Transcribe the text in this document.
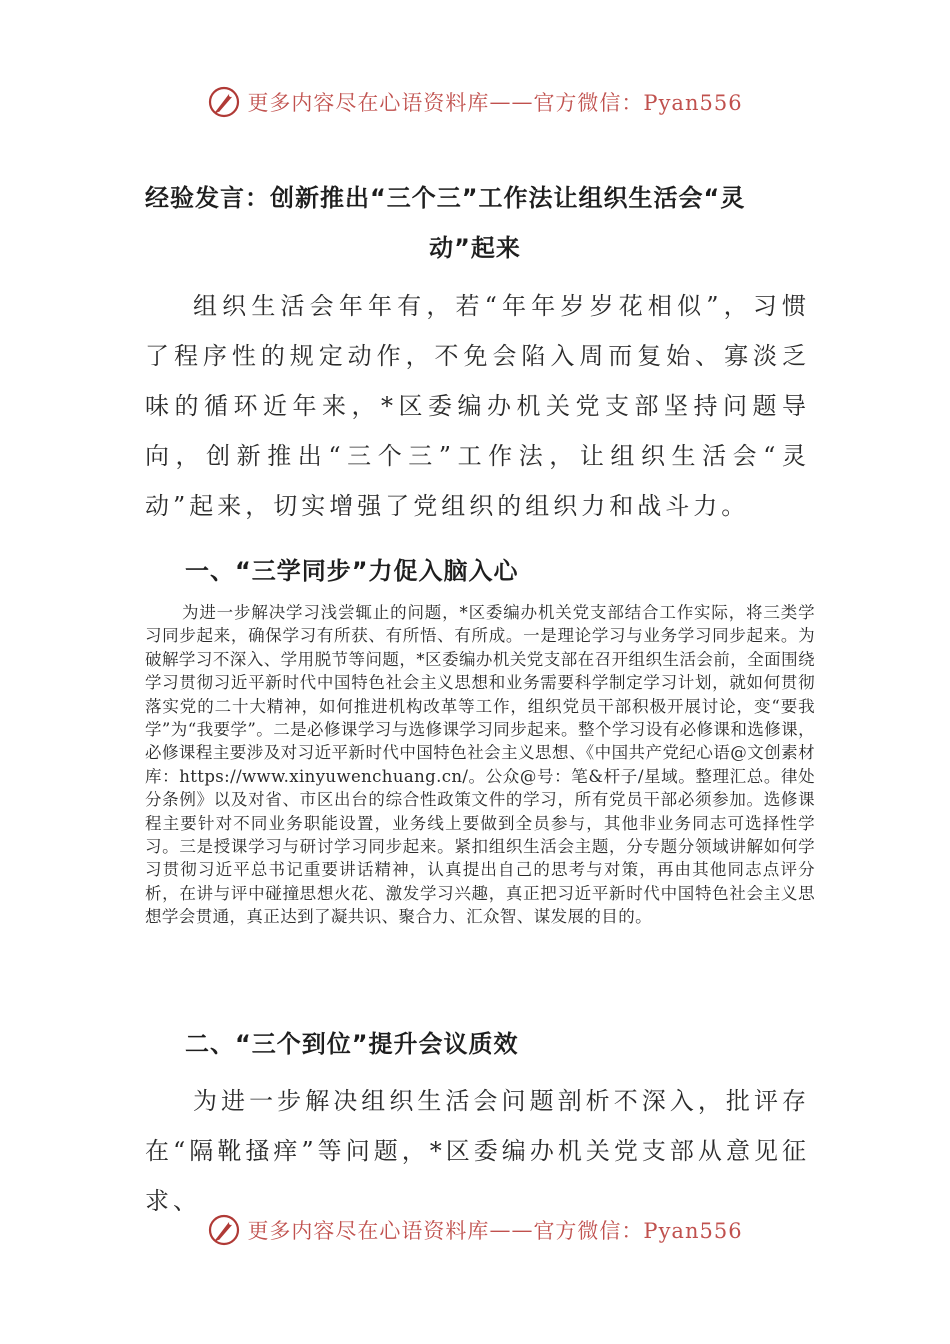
更多内容尽在心语资料库 —— 官方微信：Pyan556
经验发言：创新推出“三个三”工作法让组织生活会“灵
动”起来
组织生活会年年有，若“年年岁岁花相似”，习惯了程序性的规定动作，不免会陷入周而复始、寡淡乏味的循环近年来，*区委编办机关党支部坚持问题导向，创新推出“三个三”工作法，让组织生活会“灵动”起来，切实增强了党组织的组织力和战斗力。
一、“三学同步”力促入脑入心
为进一步解决学习浅尝辄止的问题，*区委编办机关党支部结合工作实际，将三类学习同步起来，确保学习有所获、有所悟、有所成。一是理论学习与业务学习同步起来。为破解学习不深入、学用脱节等问题，*区委编办机关党支部在召开组织生活会前，全面围绕学习贯彻习近平新时代中国特色社会主义思想和业务需要科学制定学习计划，就如何贯彻落实党的二十大精神，如何推进机构改革等工作，组织党员干部积极开展讨论，变“要我学”为“我要学”。二是必修课学习与选修课学习同步起来。整个学习设有必修课和选修课，必修课程主要涉及对习近平新时代中国特色社会主义思想、《中国共产党纪心语@文创素材库：https://www.xinyuwenchuang.cn/。公众@号：笔&杆子/星域。整理汇总。律处分条例》以及对省、市区出台的综合性政策文件的学习，所有党员干部必须参加。选修课程主要针对不同业务职能设置，业务线上要做到全员参与，其他非业务同志可选择性学习。三是授课学习与研讨学习同步起来。紧扣组织生活会主题，分专题分领域讲解如何学习贯彻习近平总书记重要讲话精神，认真提出自己的思考与对策，再由其他同志点评分析，在讲与评中碰撞思想火花、激发学习兴趣，真正把习近平新时代中国特色社会主义思想学会贯通，真正达到了凝共识、聚合力、汇众智、谋发展的目的。
二、“三个到位”提升会议质效
为进一步解决组织生活会问题剖析不深入，批评存在“隔靴搔痒”等问题，*区委编办机关党支部从意见征求、
更多内容尽在心语资料库 —— 官方微信：Pyan556
